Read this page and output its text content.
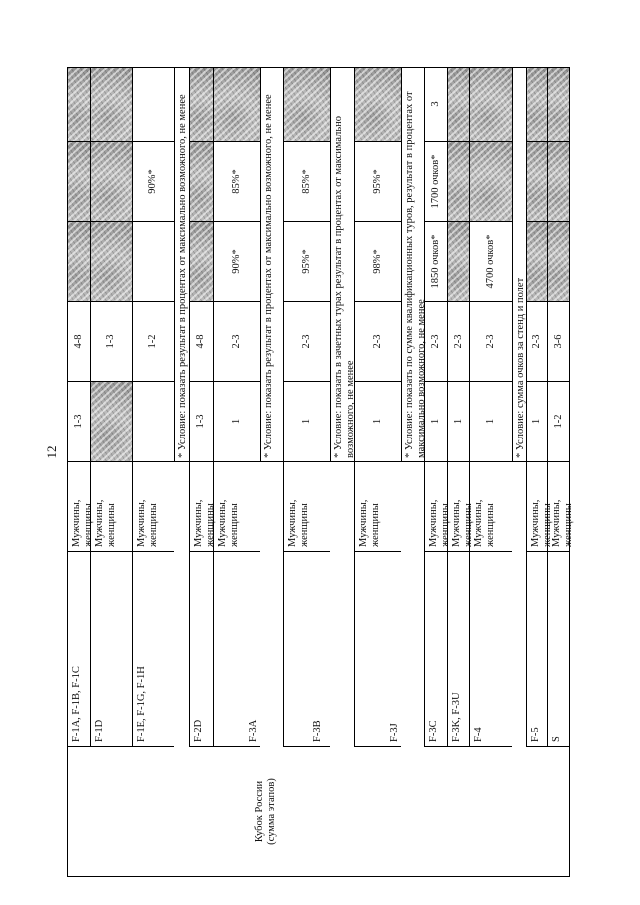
12
Кубок России (сумма этапов)
F-1A, F-1B, F-1C
Мужчины, женщины
1-3
4-8
F-1D
Мужчины, женщины
1-3
F-1E, F-1G, F-1H
Мужчины, женщины
1-2
90%* * Условие: показать результат в процентах от максимально возможного, не менее
F-2D
Мужчины, женщины
1-3
4-8
F-3A
Мужчины, женщины
1
2-3
90%*
85%* * Условие: показать результат в процентах от максимально возможного, не менее
F-3B
Мужчины, женщины
1
2-3
95%*
85%* * Условие: показать в зачетных турах результат в процентах от максимально возможного, не менее
F-3J
Мужчины, женщины
1
2-3
98%*
95%* * Условие: показать по сумме квалификационных туров, результат в процентах от максимально возможного, не менее
F-3C
Мужчины, женщины
1
2-3
1850 очков*
1700 очков*
3
F-3K, F-3U
Мужчины, женщины
1
2-3
F-4
Мужчины, женщины
1
2-3
4700 очков*
F-5
Мужчины, женщины
1
2-3
S
Мужчины, женщины
1-2
3-6
* Условие: сумма очков за стенд и полет
